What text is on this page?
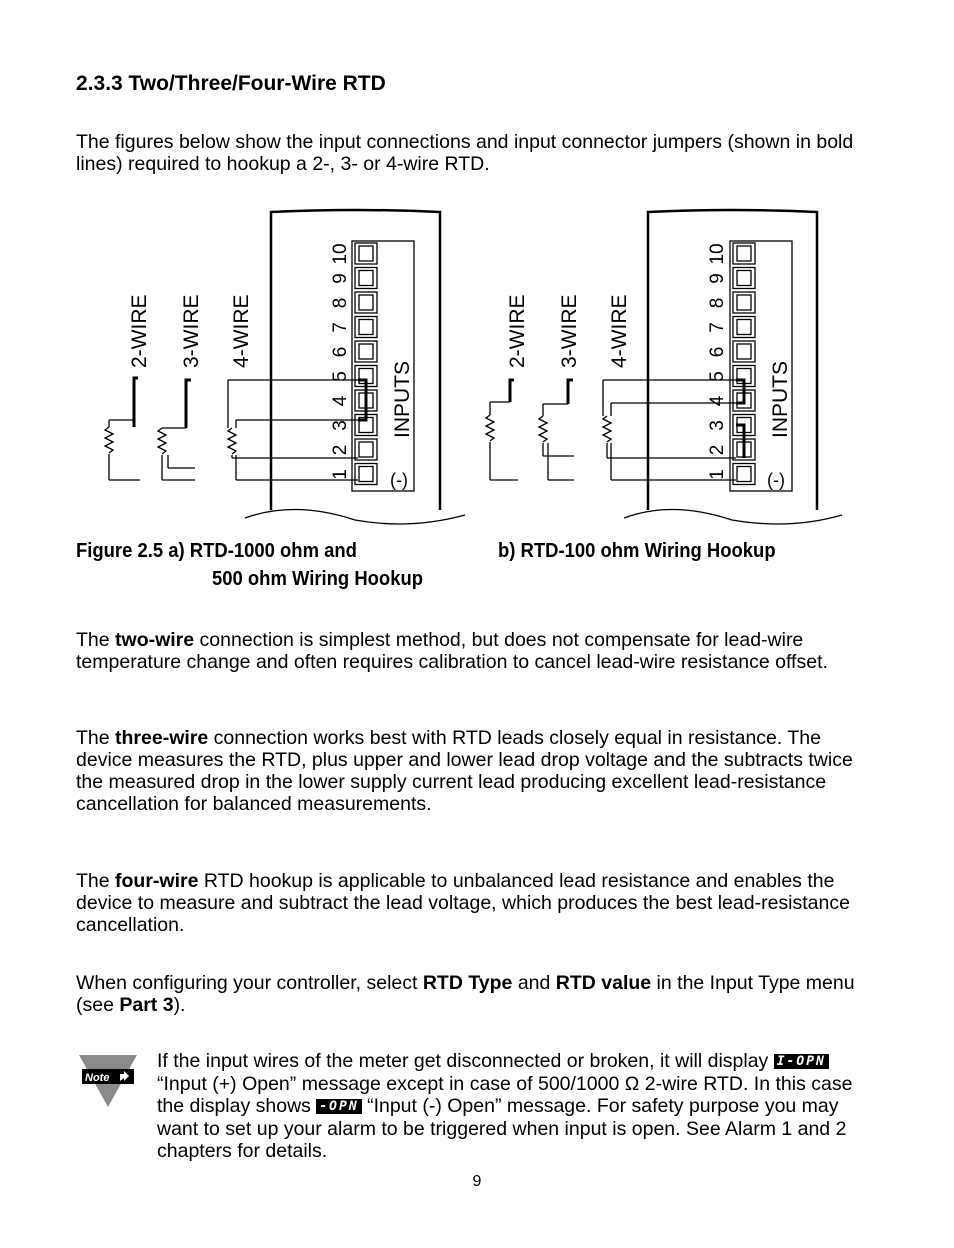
2.3.3 Two/Three/Four-Wire RTD
The figures below show the input connections and input connector jumpers (shown in bold lines) required to hookup a 2-, 3- or 4-wire RTD.
1
2
3
4
5
6
7
8
9
10
2-WIRE 3-WIRE 4-WIRE
INPUTS
(-)	1
2
3
4
5
6
7
8
9
10
2-WIRE 3-WIRE 4-WIRE
INPUTS
(-)
Figure 2.5 a) RTD-1000 ohm and
500 ohm Wiring Hookup
b) RTD-100 ohm Wiring Hookup
The two-wire connection is simplest method, but does not compensate for lead-wire temperature change and often requires calibration to cancel lead-wire resistance offset.
The three-wire connection works best with RTD leads closely equal in resistance. The device measures the RTD, plus upper and lower lead drop voltage and the subtracts twice the measured drop in the lower supply current lead producing excellent lead-resistance cancellation for balanced measurements.
The four-wire RTD hookup is applicable to unbalanced lead resistance and enables the device to measure and subtract the lead voltage, which produces the best lead-resistance cancellation.
When configuring your controller, select RTD Type and RTD value in the Input Type menu (see Part 3).
Note
If the input wires of the meter get disconnected or broken, it will display I-OPN “Input (+) Open” message except in case of 500/1000 Ω 2-wire RTD. In this case the display shows -OPN “Input (-) Open” message. For safety purpose you may want to set up your alarm to be triggered when input is open. See Alarm 1 and 2 chapters for details.
9
